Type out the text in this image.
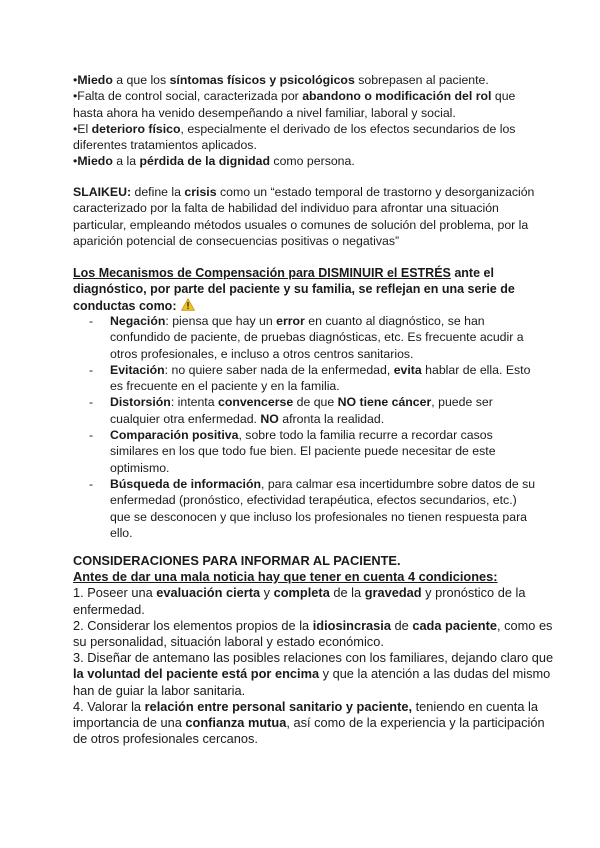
•Miedo a que los síntomas físicos y psicológicos sobrepasen al paciente.
•Falta de control social, caracterizada por abandono o modificación del rol que
hasta ahora ha venido desempeñando a nivel familiar, laboral y social.
•El deterioro físico, especialmente el derivado de los efectos secundarios de los
diferentes tratamientos aplicados.
•Miedo a la pérdida de la dignidad como persona.
SLAIKEU: define la crisis como un “estado temporal de trastorno y desorganización
caracterizado por la falta de habilidad del individuo para afrontar una situación
particular, empleando métodos usuales o comunes de solución del problema, por la
aparición potencial de consecuencias positivas o negativas”
Los Mecanismos de Compensación para DISMINUIR el ESTRÉS ante el
diagnóstico, por parte del paciente y su familia, se reflejan en una serie de
conductas como:
- Negación: piensa que hay un error en cuanto al diagnóstico, se han
confundido de paciente, de pruebas diagnósticas, etc. Es frecuente acudir a
otros profesionales, e incluso a otros centros sanitarios.
- Evitación: no quiere saber nada de la enfermedad, evita hablar de ella. Esto
es frecuente en el paciente y en la familia.
- Distorsión: intenta convencerse de que NO tiene cáncer, puede ser
cualquier otra enfermedad. NO afronta la realidad.
- Comparación positiva, sobre todo la familia recurre a recordar casos
similares en los que todo fue bien. El paciente puede necesitar de este
optimismo.
- Búsqueda de información, para calmar esa incertidumbre sobre datos de su
enfermedad (pronóstico, efectividad terapéutica, efectos secundarios, etc.)
que se desconocen y que incluso los profesionales no tienen respuesta para
ello.
CONSIDERACIONES PARA INFORMAR AL PACIENTE.
Antes de dar una mala noticia hay que tener en cuenta 4 condiciones:
1. Poseer una evaluación cierta y completa de la gravedad y pronóstico de la
enfermedad.
2. Considerar los elementos propios de la idiosincrasia de cada paciente, como es
su personalidad, situación laboral y estado económico.
3. Diseñar de antemano las posibles relaciones con los familiares, dejando claro que
la voluntad del paciente está por encima y que la atención a las dudas del mismo
han de guiar la labor sanitaria.
4. Valorar la relación entre personal sanitario y paciente, teniendo en cuenta la
importancia de una confianza mutua, así como de la experiencia y la participación
de otros profesionales cercanos.
